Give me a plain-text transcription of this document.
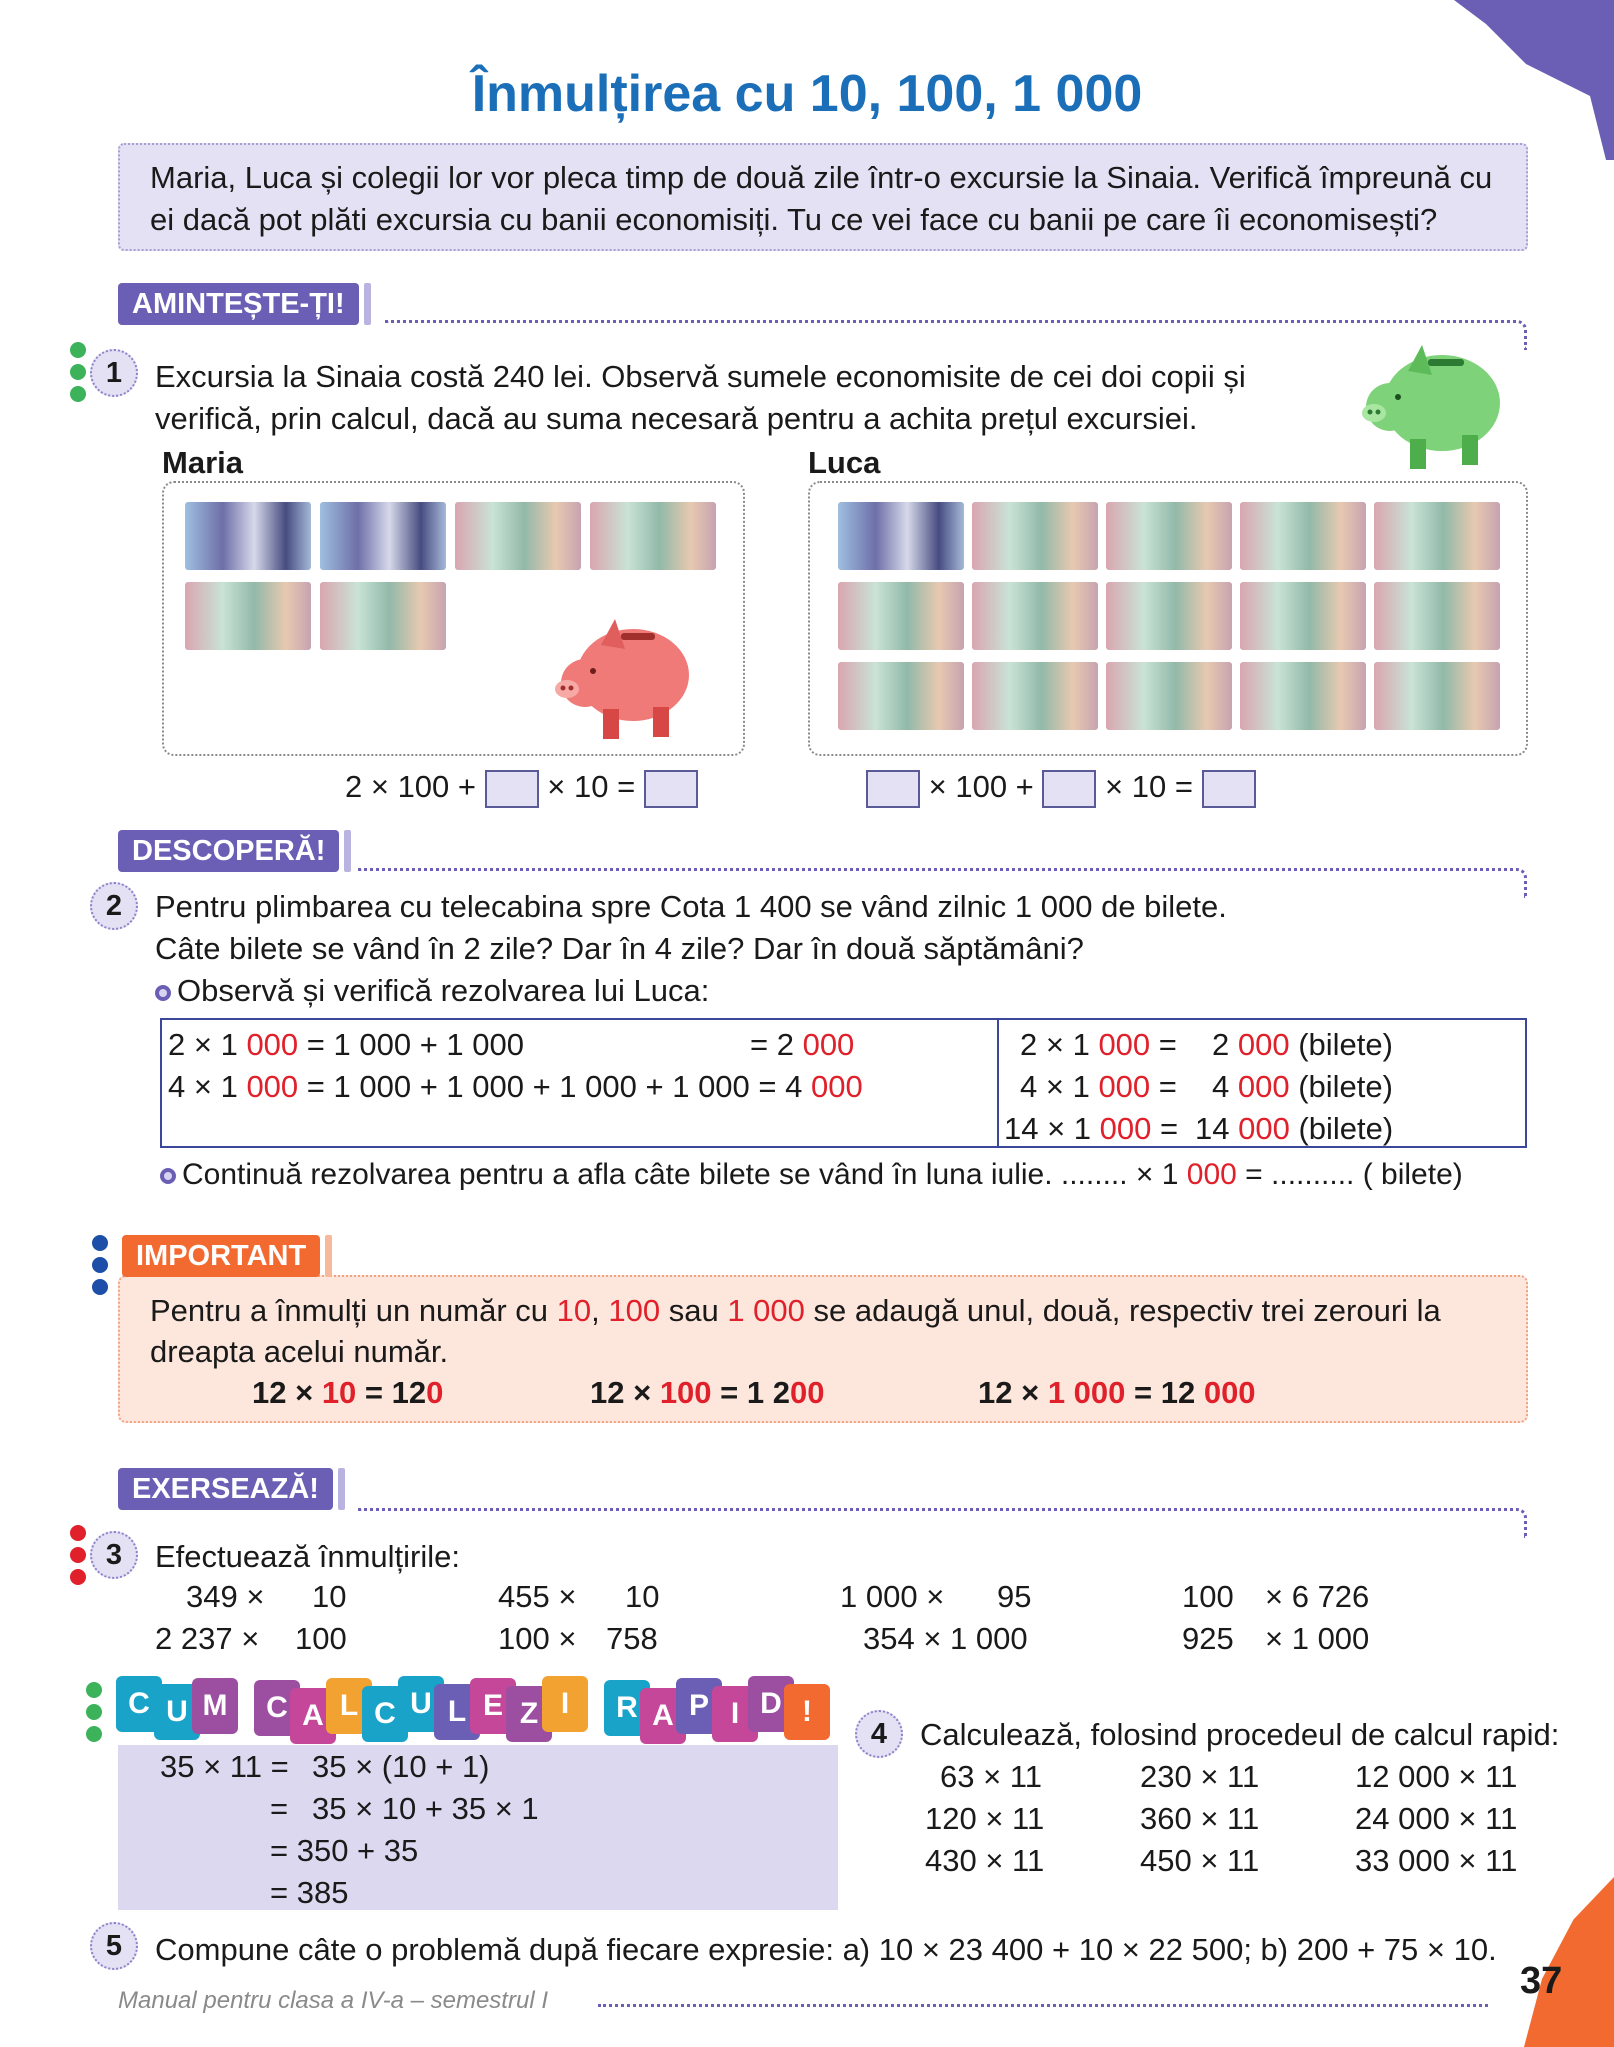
Înmulțirea cu 10, 100, 1 000
Maria, Luca și colegii lor vor pleca timp de două zile într-o excursie la Sinaia. Verifică împreună cu
ei dacă pot plăti excursia cu banii economisiți. Tu ce vei face cu banii pe care îi economisești?
AMINTEȘTE-ȚI!
1	Excursia la Sinaia costă 240 lei. Observă sumele economisite de cei doi copii și
verifică, prin calcul, dacă au suma necesară pentru a achita prețul excursiei.
Maria
2 × 100 + × 10 =
Luca
× 100 + × 10 =
DESCOPERĂ!
2	Pentru plimbarea cu telecabina spre Cota 1 400 se vând zilnic 1 000 de bilete.
Câte bilete se vând în 2 zile? Dar în 4 zile? Dar în două săptămâni?
Observă și verifică rezolvarea lui Luca:
2 × 1 000 = 1 000 + 1 000	= 2 000
4 × 1 000 = 1 000 + 1 000 + 1 000 + 1 000 = 4 000
2 × 1 000 = 2 000 (bilete)
4 × 1 000 = 4 000 (bilete)
14 × 1 000 = 14 000 (bilete)
Continuă rezolvarea pentru a afla câte bilete se vând în luna iulie. ........ × 1 000 = .......... ( bilete)
IMPORTANT
Pentru a înmulți un număr cu 10, 100 sau 1 000 se adaugă unul, două, respectiv trei zerouri la
dreapta acelui număr.
12 × 10 = 120	12 × 100 = 1 200	12 × 1 000 = 12 000
EXERSEAZĂ!
3	Efectuează înmulțirile:
349 × 10	455 × 10	1 000 × 95	100 × 6 726
2 237 × 100	100 × 758	354 × 1 000	925 × 1 000
C U M	C A L C U L E Z I	R A P I D !
35 × 11 = 35 × (10 + 1)
= 35 × 10 + 35 × 1
= 350 + 35
= 385
4	Calculează, folosind procedeul de calcul rapid:
63 × 11	230 × 11	12 000 × 11
120 × 11	360 × 11	24 000 × 11
430 × 11	450 × 11	33 000 × 11
5	Compune câte o problemă după fiecare expresie: a) 10 × 23 400 + 10 × 22 500; b) 200 + 75 × 10.
Manual pentru clasa a IV-a – semestrul I	37
